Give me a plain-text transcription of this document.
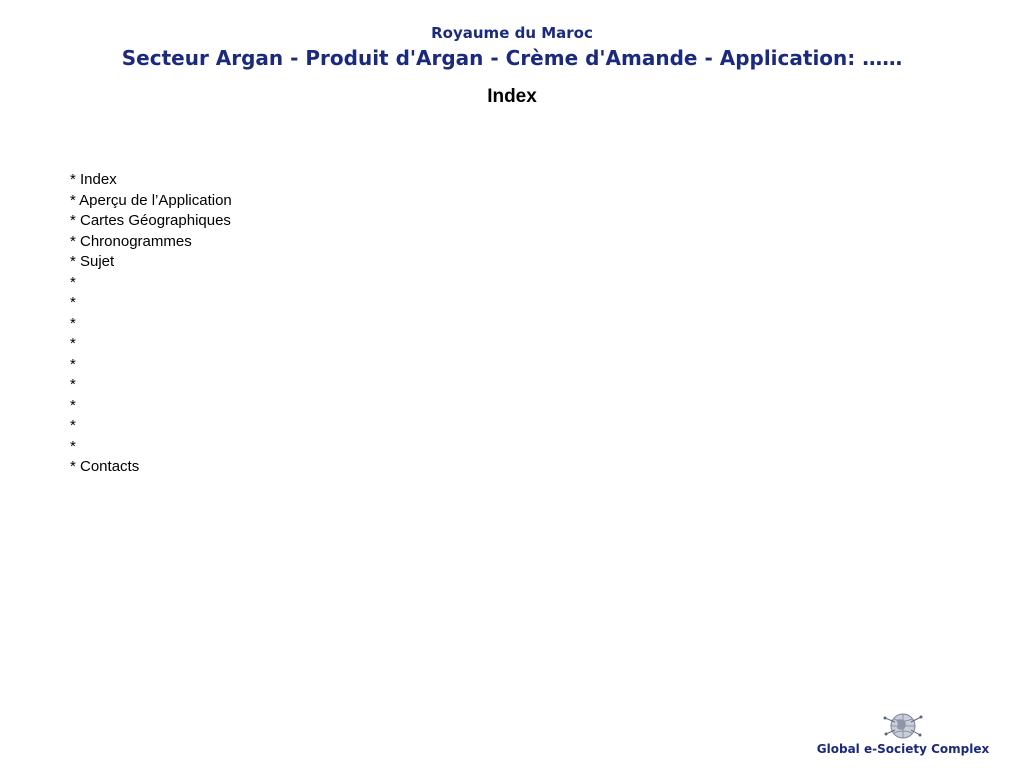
Royaume du Maroc
Secteur Argan - Produit d'Argan - Crème d'Amande - Application: ……
Index
* Index
* Aperçu de l’Application
* Cartes Géographiques
* Chronogrammes
* Sujet
*
*
*
*
*
*
*
*
*
* Contacts
Global e-Society Complex
